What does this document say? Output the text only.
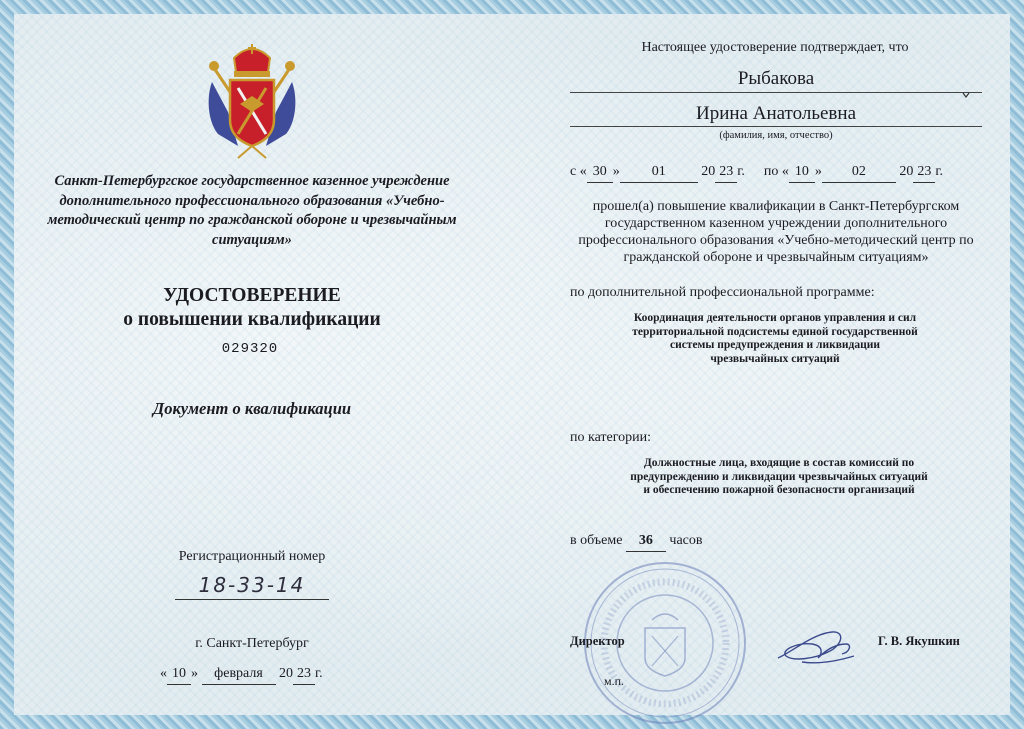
Санкт-Петербургское государственное казенное учреждение дополнительного профессионального образования «Учебно-методический центр по гражданской обороне и чрезвычайным ситуациям»
УДОСТОВЕРЕНИЕ
о повышении квалификации
029320
Документ о квалификации
Регистрационный номер
18-33-14
г. Санкт-Петербург
« 10 » февраля 20 23 г.
Настоящее удостоверение подтверждает, что
Рыбакова
Ирина Анатольевна
(фамилия, имя, отчество)
с « 30 » 01	20 23 г. по « 10 » 02 20 23 г.
прошел(а) повышение квалификации в Санкт-Петербургском государственном казенном учреждении дополнительного профессионального образования «Учебно-методический центр по гражданской обороне и чрезвычайным ситуациям»
по дополнительной профессиональной программе:
Координация деятельности органов управления и сил
территориальной подсистемы единой государственной
системы предупреждения и ликвидации
чрезвычайных ситуаций
по категории:
Должностные лица, входящие в состав комиссий по
предупреждению и ликвидации чрезвычайных ситуаций
и обеспечению пожарной безопасности организаций
в объеме 36 часов
Директор	Г. В. Якушкин
м.п.
